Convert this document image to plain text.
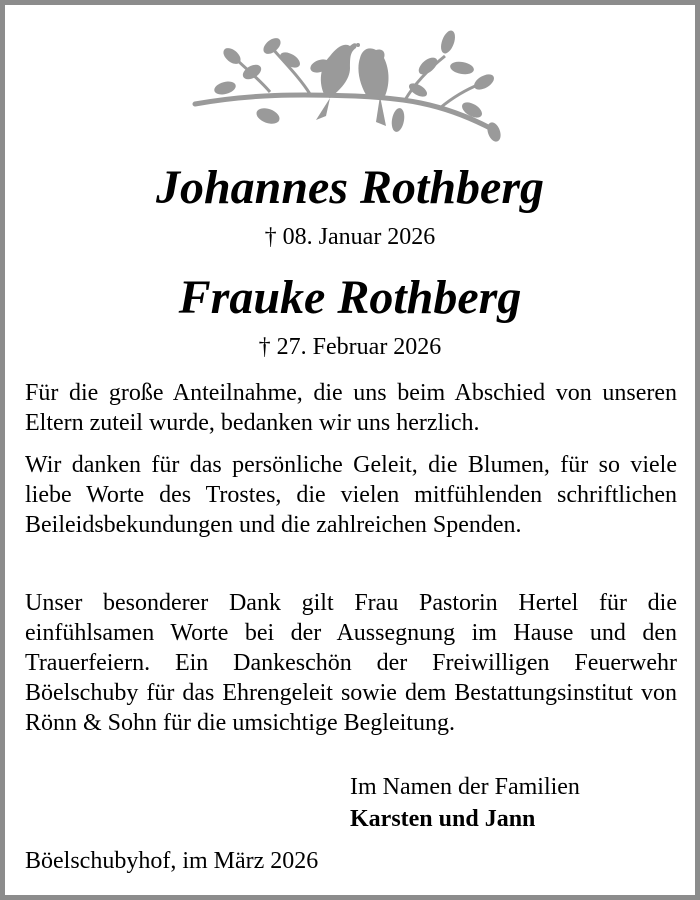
Johannes Rothberg
† 08. Januar 2026
Frauke Rothberg
† 27. Februar 2026

Für die große Anteilnahme, die uns beim Abschied von unseren Eltern zuteil wurde, bedanken wir uns herzlich.

Wir danken für das persönliche Geleit, die Blumen, für so viele liebe Worte des Trostes, die vielen mitfühlenden schriftlichen Beileidsbekundungen und die zahlreichen Spenden.

Unser besonderer Dank gilt Frau Pastorin Hertel für die einfühlsamen Worte bei der Aussegnung im Hause und den Trauerfeiern. Ein Dankeschön der Freiwilligen Feuerwehr Böelschuby für das Ehrengeleit sowie dem Bestattungsinstitut von Rönn & Sohn für die umsichtige Begleitung.

Im Namen der Familien
Karsten und Jann
Böelschubyhof, im März 2026
